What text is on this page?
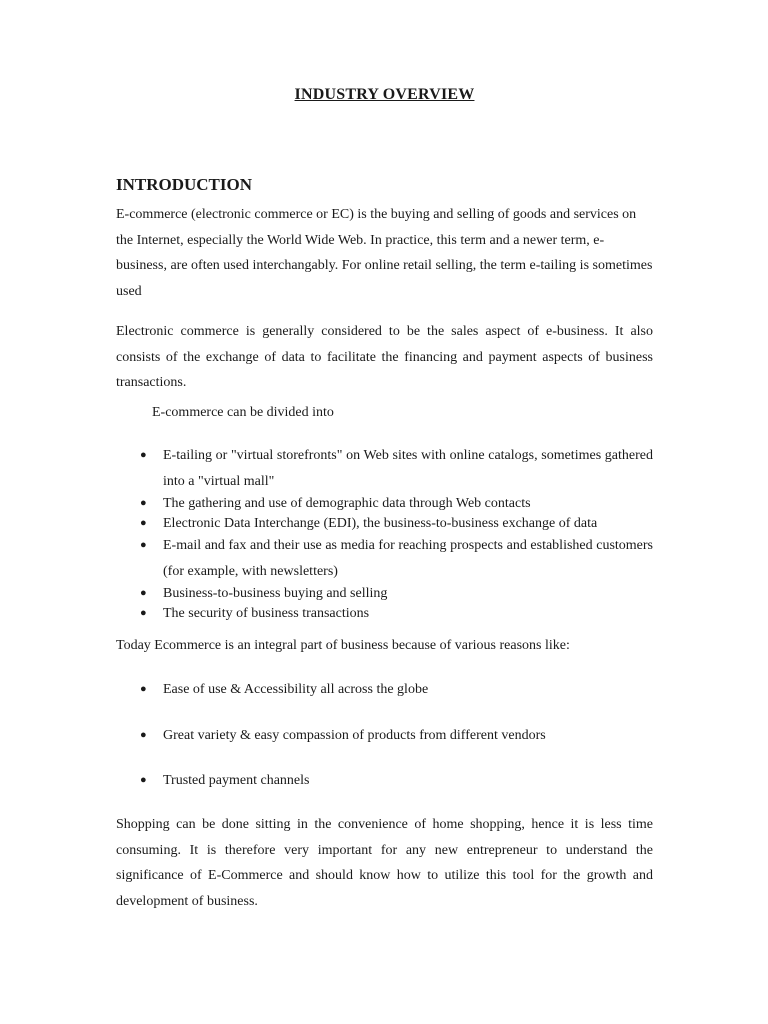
INDUSTRY OVERVIEW
INTRODUCTION

E-commerce (electronic commerce or EC) is the buying and selling of goods and services on the Internet, especially the World Wide Web. In practice, this term and a newer term, e-business, are often used interchangably. For online retail selling, the term e-tailing is sometimes used

Electronic commerce is generally considered to be the sales aspect of e-business. It also consists of the exchange of data to facilitate the financing and payment aspects of business transactions.

E-commerce can be divided into

● E-tailing or "virtual storefronts" on Web sites with online catalogs, sometimes gathered into a "virtual mall"
● The gathering and use of demographic data through Web contacts
● Electronic Data Interchange (EDI), the business-to-business exchange of data
● E-mail and fax and their use as media for reaching prospects and established customers (for example, with newsletters)
● Business-to-business buying and selling
● The security of business transactions

Today Ecommerce is an integral part of business because of various reasons like:

● Ease of use & Accessibility all across the globe
● Great variety & easy compassion of products from different vendors
● Trusted payment channels

Shopping can be done sitting in the convenience of home shopping, hence it is less time consuming. It is therefore very important for any new entrepreneur to understand the significance of E-Commerce and should know how to utilize this tool for the growth and development of business.
